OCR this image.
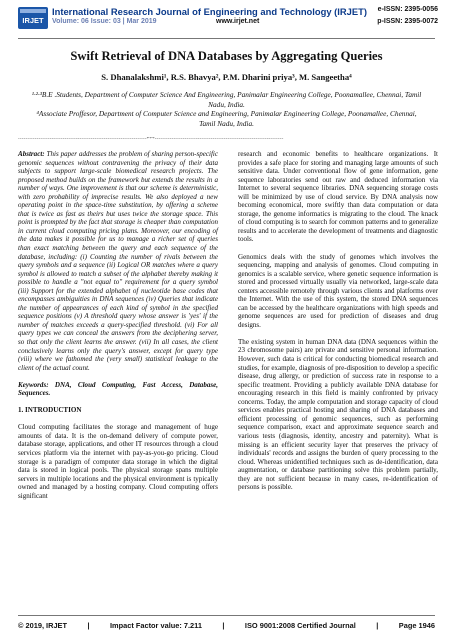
IRJET
International Research Journal of Engineering and Technology (IRJET)
Volume: 06 Issue: 03 | Mar 2019	www.irjet.net
e-ISSN: 2395-0056
p-ISSN: 2395-0072
Swift Retrieval of DNA Databases by Aggregating Queries
S. Dhanalakshmi¹, R.S. Bhavya², P.M. Dharini priya³, M. Sangeetha⁴

¹·²·³B.E .Students, Department of Computer Science And Engineering, Panimalar Engineering College, Poonamallee, Chennai, Tamil Nadu, India.

⁴Associate Proffesor, Department of Computer Science and Engineering, Panimalar Engineering College, Poonamallee, Chennai, Tamil Nadu, India.

---------------------------------------------------------------------***---------------------------------------------------------------------

Abstract: This paper addresses the problem of sharing person-specific genomic sequences without contravening the privacy of their data subjects to support large-scale biomedical research projects. The proposed method builds on the framework but extends the results in a number of ways. One improvement is that our scheme is deterministic, with zero probability of imprecise results. We also deployed a new operating point in the space-time substitution, by offering a scheme that is twice as fast as theirs but uses twice the storage space. This point is prompted by the fact that storage is cheaper than computation in current cloud computing pricing plans. Moreover, our encoding of the data makes it possible for us to manage a richer set of queries than exact matching between the query and each sequence of the database, including: (i) Counting the number of rivals between the query symbols and a sequence (ii) Logical OR matches where a query symbol is allowed to match a subset of the alphabet thereby making it possible to handle a "not equal to" requirement for a query symbol (iii) Support for the extended alphabet of nucleotide base codes that encompasses ambiguities in DNA sequences (iv) Queries that indicate the number of appearances of each kind of symbol in the specified sequence positions (v) A threshold query whose answer is 'yes' if the number of matches exceeds a query-specified threshold. (vi) For all query types we can conceal the answers from the deciphering server, so that only the client learns the answer. (vii) In all cases, the client conclusively learns only the query's answer, except for query type (viii) where we fathomed the (very small) statistical leakage to the client of the actual count.

Keywords: DNA, Cloud Computing, Fast Access, Database, Sequences.

1. INTRODUCTION

Cloud computing facilitates the storage and management of huge amounts of data. It is the on-demand delivery of compute power, database storage, applications, and other IT resources through a cloud services platform via the internet with pay-as-you-go pricing. Cloud storage is a paradigm of computer data storage in which the digital data is stored in logical pools. The physical storage spans multiple servers in multiple locations and the physical environment is typically owned and managed by a hosting company. Cloud computing offers significant

research and economic benefits to healthcare organizations. It provides a safe place for storing and managing large amounts of such sensitive data. Under conventional flow of gene information, gene sequence laboratories send out raw and deduced information via Internet to several sequence libraries. DNA sequencing storage costs will be minimized by use of cloud service. By DNA analysis now becoming economical, more swiftly than data computation or data storage, the genome informatics is migrating to the cloud. The knack of cloud computing is to search for common patterns and to generalize results and to accelerate the development of treatments and diagnostic tools.

Genomics deals with the study of genomes which involves the sequencing, mapping and analysis of genomes. Cloud computing in genomics is a scalable service, where genetic sequence information is stored and processed virtually usually via networked, large-scale data centers accessible remotely through various clients and platforms over the Internet. With the use of this system, the stored DNA sequences can be accessed by the healthcare organizations with high speeds and genome sequences are used for prediction of diseases and drug designs.

The existing system in human DNA data (DNA sequences within the 23 chromosome pairs) are private and sensitive personal information. However, such data is critical for conducting biomedical research and studies, for example, diagnosis of pre-disposition to develop a specific disease, drug allergy, or prediction of success rate in response to a specific treatment. Providing a publicly available DNA database for encouraging research in this field is mainly confronted by privacy concerns. Today, the ample computation and storage capacity of cloud services enables practical hosting and sharing of DNA databases and efficient processing of genomic sequences, such as performing sequence comparison, exact and approximate sequence search and various tests (diagnosis, identity, ancestry and paternity). What is missing is an efficient security layer that preserves the privacy of individuals' records and assigns the burden of query processing to the cloud. Whereas unidentified techniques such as de-identification, data augmentation, or database partitioning solve this problem partially, they are not sufficient because in many cases, re-identification of persons is possible.

© 2019, IRJET	|	Impact Factor value: 7.211	|	ISO 9001:2008 Certified Journal	|	Page 1946
